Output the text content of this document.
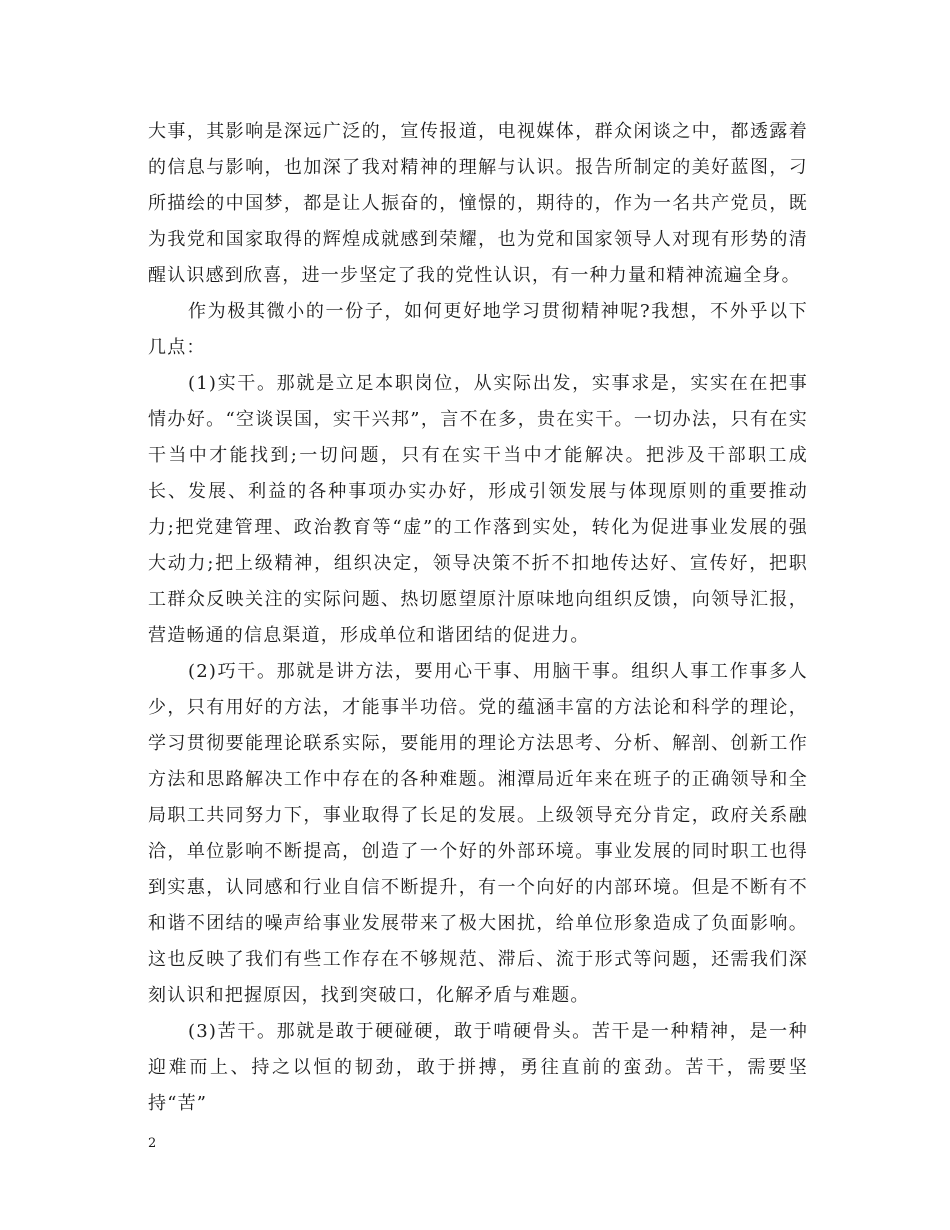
大事，其影响是深远广泛的，宣传报道，电视媒体，群众闲谈之中，都透露着的信息与影响，也加深了我对精神的理解与认识。报告所制定的美好蓝图，刁所描绘的中国梦，都是让人振奋的，憧憬的，期待的，作为一名共产党员，既为我党和国家取得的辉煌成就感到荣耀，也为党和国家领导人对现有形势的清醒认识感到欣喜，进一步坚定了我的党性认识，有一种力量和精神流遍全身。

作为极其微小的一份子，如何更好地学习贯彻精神呢?我想，不外乎以下几点：

(1)实干。那就是立足本职岗位，从实际出发，实事求是，实实在在把事情办好。“空谈误国，实干兴邦”，言不在多，贵在实干。一切办法，只有在实干当中才能找到;一切问题，只有在实干当中才能解决。把涉及干部职工成长、发展、利益的各种事项办实办好，形成引领发展与体现原则的重要推动力;把党建管理、政治教育等“虚”的工作落到实处，转化为促进事业发展的强大动力;把上级精神，组织决定，领导决策不折不扣地传达好、宣传好，把职工群众反映关注的实际问题、热切愿望原汁原味地向组织反馈，向领导汇报，营造畅通的信息渠道，形成单位和谐团结的促进力。

(2)巧干。那就是讲方法，要用心干事、用脑干事。组织人事工作事多人少，只有用好的方法，才能事半功倍。党的蕴涵丰富的方法论和科学的理论，学习贯彻要能理论联系实际，要能用的理论方法思考、分析、解剖、创新工作方法和思路解决工作中存在的各种难题。湘潭局近年来在班子的正确领导和全局职工共同努力下，事业取得了长足的发展。上级领导充分肯定，政府关系融洽，单位影响不断提高，创造了一个好的外部环境。事业发展的同时职工也得到实惠，认同感和行业自信不断提升，有一个向好的内部环境。但是不断有不和谐不团结的噪声给事业发展带来了极大困扰，给单位形象造成了负面影响。这也反映了我们有些工作存在不够规范、滞后、流于形式等问题，还需我们深刻认识和把握原因，找到突破口，化解矛盾与难题。

(3)苦干。那就是敢于硬碰硬，敢于啃硬骨头。苦干是一种精神，是一种迎难而上、持之以恒的韧劲，敢于拼搏，勇往直前的蛮劲。苦干，需要坚持“苦”

2
